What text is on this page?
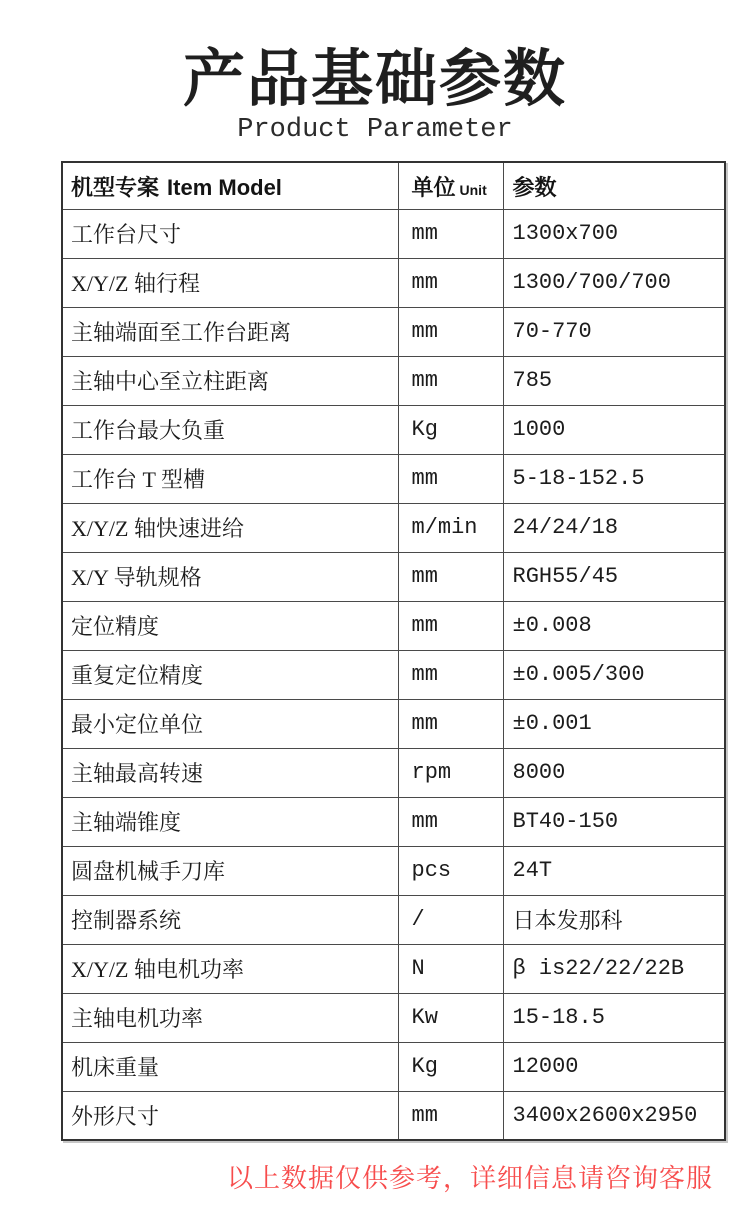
产品基础参数
Product Parameter
机型专案 Item Model	单位 Unit	参数
工作台尺寸	mm	1300x700
X/Y/Z 轴行程	mm	1300/700/700
主轴端面至工作台距离	mm	70-770
主轴中心至立柱距离	mm	785
工作台最大负重	Kg	1000
工作台 T 型槽	mm	5-18-152.5
X/Y/Z 轴快速进给	m/min	24/24/18
X/Y 导轨规格	mm	RGH55/45
定位精度	mm	±0.008
重复定位精度	mm	±0.005/300
最小定位单位	mm	±0.001
主轴最高转速	rpm	8000
主轴端锥度	mm	BT40-150
圆盘机械手刀库	pcs	24T
控制器系统	/	日本发那科
X/Y/Z 轴电机功率	N	β is22/22/22B
主轴电机功率	Kw	15-18.5
机床重量	Kg	12000
外形尺寸	mm	3400x2600x2950
以上数据仅供参考，详细信息请咨询客服
